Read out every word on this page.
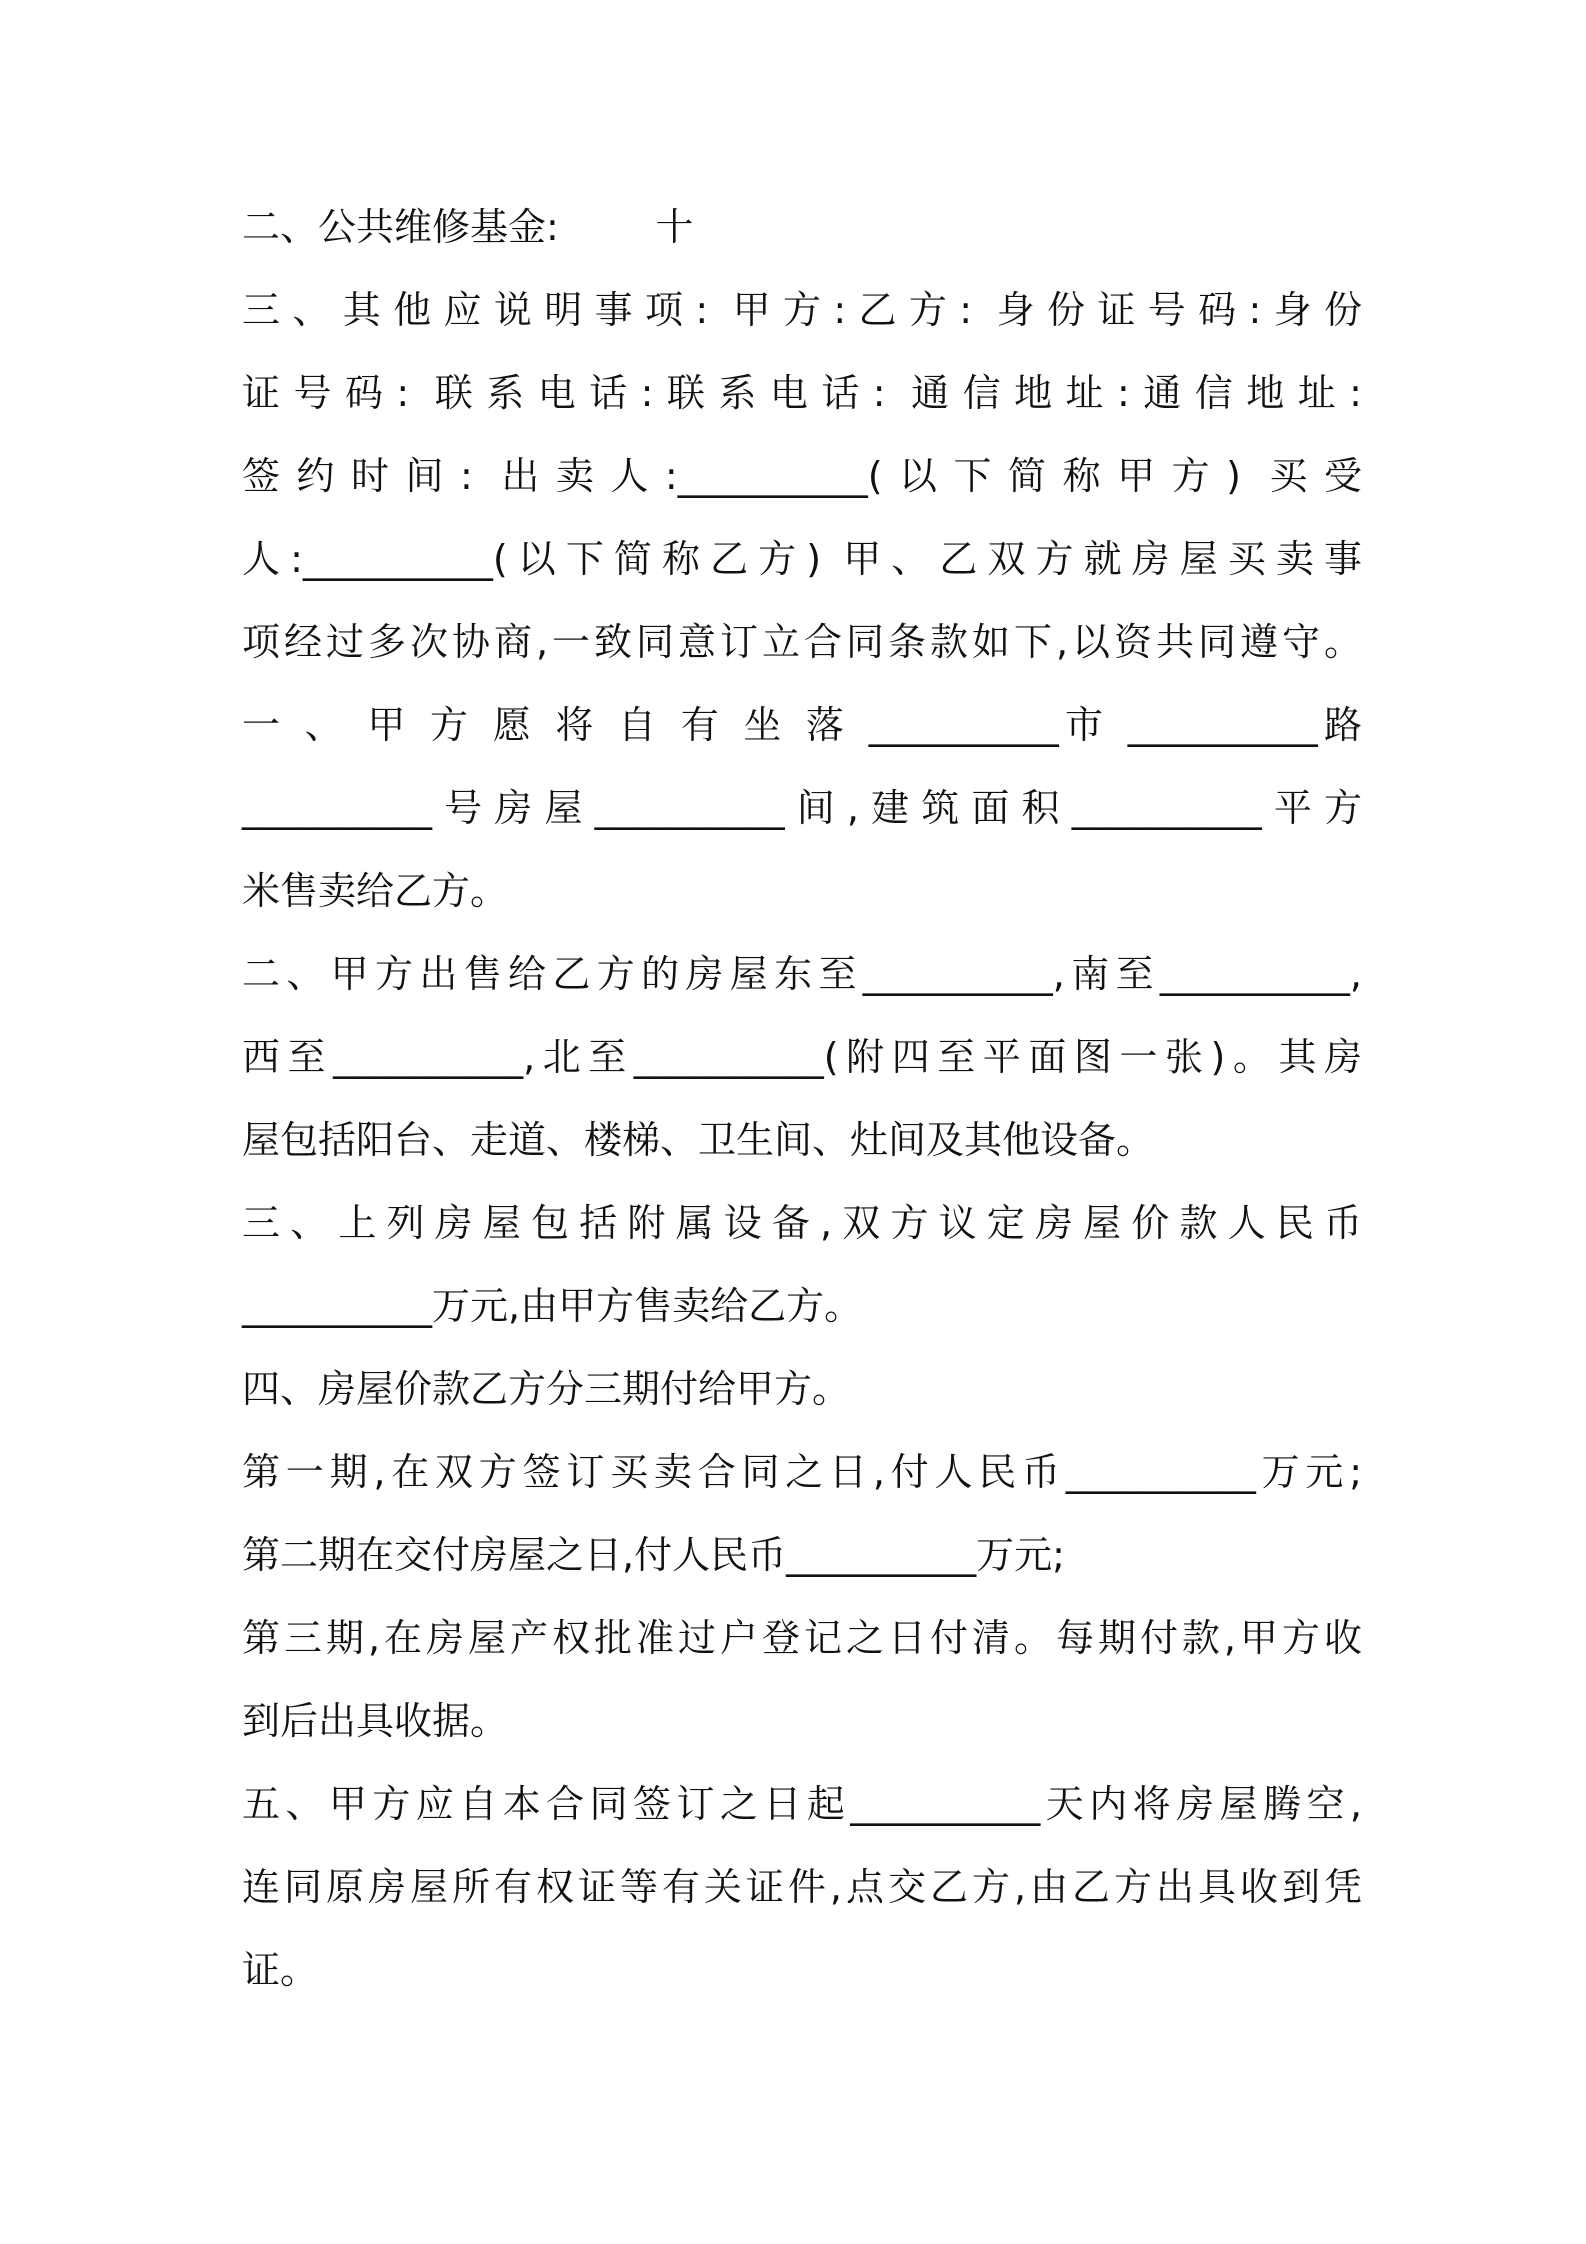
二、公共维修基金:        十
三、其他应说明事项: 甲方:乙方: 身份证号码:身份
证号码: 联系电话:联系电话: 通信地址:通信地址:
签约时间: 出卖人:__________(以下简称甲方) 买受
人:__________(以下简称乙方) 甲、乙双方就房屋买卖事
项经过多次协商,一致同意订立合同条款如下,以资共同遵守。
一 、 甲 方 愿 将 自 有 坐 落 __________市 __________路
__________号房屋__________间,建筑面积__________平方
米售卖给乙方。
二、甲方出售给乙方的房屋东至__________,南至__________,
西至__________,北至__________(附四至平面图一张)。其房
屋包括阳台、走道、楼梯、卫生间、灶间及其他设备。
三、上列房屋包括附属设备,双方议定房屋价款人民币
__________万元,由甲方售卖给乙方。
四、房屋价款乙方分三期付给甲方。
第一期,在双方签订买卖合同之日,付人民币__________万元;
第二期在交付房屋之日,付人民币__________万元;
第三期,在房屋产权批准过户登记之日付清。每期付款,甲方收
到后出具收据。
五、甲方应自本合同签订之日起__________天内将房屋腾空,
连同原房屋所有权证等有关证件,点交乙方,由乙方出具收到凭
证。
